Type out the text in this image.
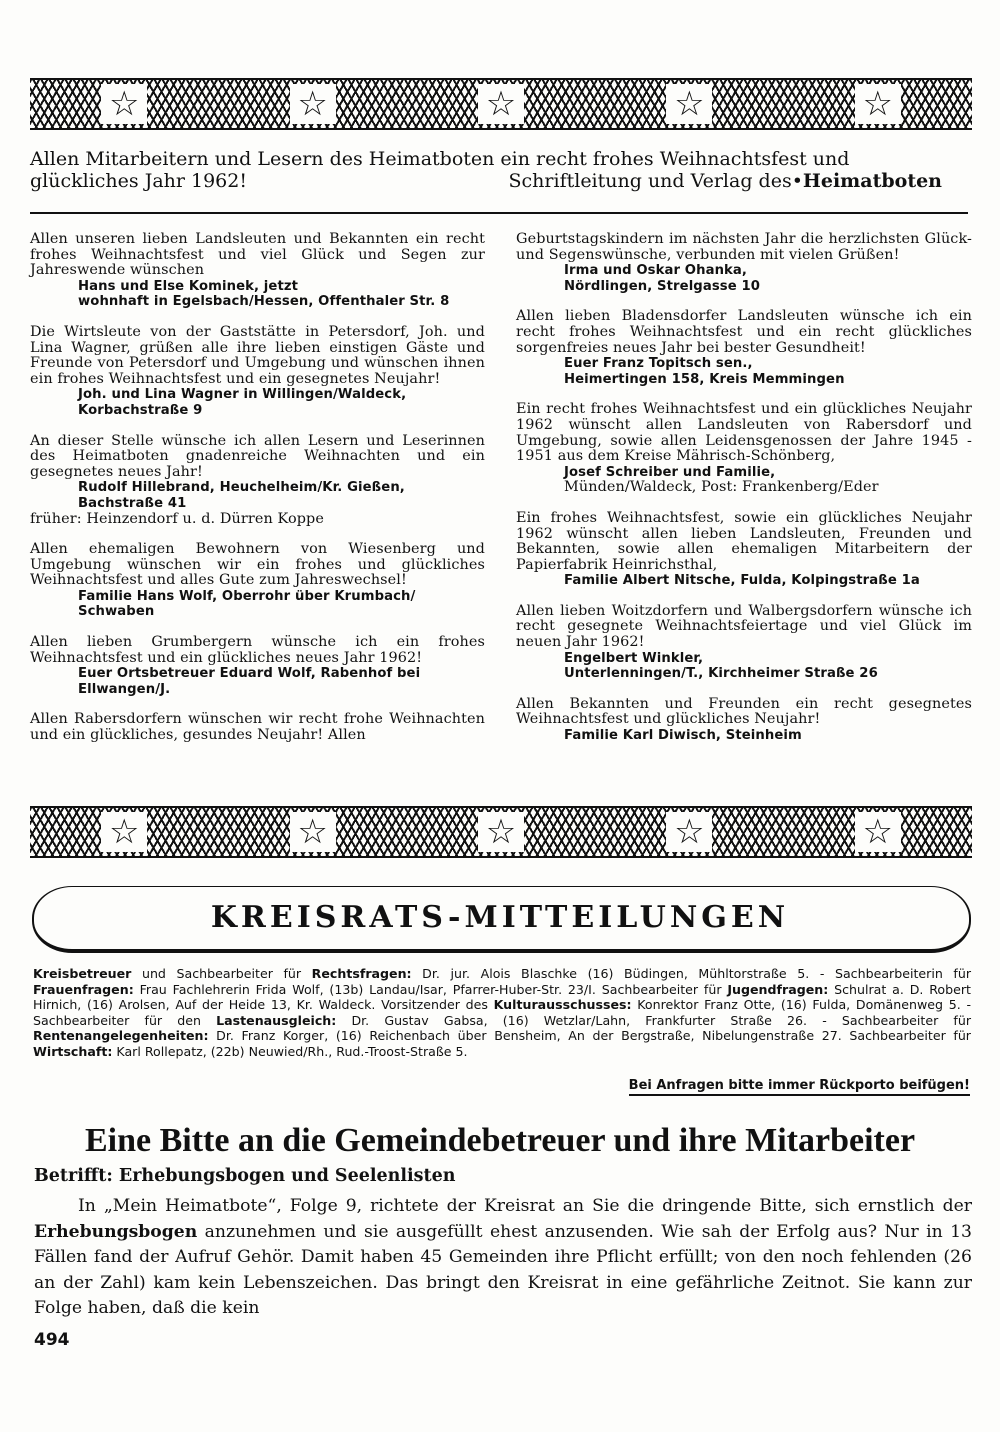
☆	☆	☆	☆	☆
Allen Mitarbeitern und Lesern des Heimatboten ein recht frohes Weihnachtsfest und
glückliches Jahr 1962!	Schriftleitung und Verlag des•Heimatboten

Allen unseren lieben Landsleuten und Bekannten ein recht frohes Weihnachtsfest und viel Glück und Segen zur Jahreswende wünschen
Hans und Else Kominek, jetzt
wohnhaft in Egelsbach/Hessen, Offenthaler Str. 8

Die Wirtsleute von der Gaststätte in Petersdorf, Joh. und Lina Wagner, grüßen alle ihre lieben einstigen Gäste und Freunde von Petersdorf und Umgebung und wünschen ihnen ein frohes Weihnachtsfest und ein gesegnetes Neujahr!
Joh. und Lina Wagner in Willingen/Waldeck,
Korbachstraße 9

An dieser Stelle wünsche ich allen Lesern und Leserinnen des Heimatboten gnadenreiche Weihnachten und ein gesegnetes neues Jahr!
Rudolf Hillebrand, Heuchelheim/Kr. Gießen,
Bachstraße 41
früher: Heinzendorf u. d. Dürren Koppe

Allen ehemaligen Bewohnern von Wiesenberg und Umgebung wünschen wir ein frohes und glückliches Weihnachtsfest und alles Gute zum Jahreswechsel!
Familie Hans Wolf, Oberrohr über Krumbach/
Schwaben

Allen lieben Grumbergern wünsche ich ein frohes Weihnachtsfest und ein glückliches neues Jahr 1962!
Euer Ortsbetreuer Eduard Wolf, Rabenhof bei
Ellwangen/J.

Allen Rabersdorfern wünschen wir recht frohe Weihnachten und ein glückliches, gesundes Neujahr! Allen

Geburtstagskindern im nächsten Jahr die herzlichsten Glück- und Segenswünsche, verbunden mit vielen Grüßen!
Irma und Oskar Ohanka,
Nördlingen, Strelgasse 10

Allen lieben Bladensdorfer Landsleuten wünsche ich ein recht frohes Weihnachtsfest und ein recht glückliches sorgenfreies neues Jahr bei bester Gesundheit!
Euer Franz Topitsch sen.,
Heimertingen 158, Kreis Memmingen

Ein recht frohes Weihnachtsfest und ein glückliches Neujahr 1962 wünscht allen Landsleuten von Rabersdorf und Umgebung, sowie allen Leidensgenossen der Jahre 1945 - 1951 aus dem Kreise Mährisch-Schönberg,
Josef Schreiber und Familie,
Münden/Waldeck, Post: Frankenberg/Eder

Ein frohes Weihnachtsfest, sowie ein glückliches Neujahr 1962 wünscht allen lieben Landsleuten, Freunden und Bekannten, sowie allen ehemaligen Mitarbeitern der Papierfabrik Heinrichsthal,
Familie Albert Nitsche, Fulda, Kolpingstraße 1a

Allen lieben Woitzdorfern und Walbergsdorfern wünsche ich recht gesegnete Weihnachtsfeiertage und viel Glück im neuen Jahr 1962!
Engelbert Winkler,
Unterlenningen/T., Kirchheimer Straße 26

Allen Bekannten und Freunden ein recht gesegnetes Weihnachtsfest und glückliches Neujahr!
Familie Karl Diwisch, Steinheim

☆	☆	☆	☆	☆
KREISRATS-MITTEILUNGEN
Kreisbetreuer und Sachbearbeiter für Rechtsfragen: Dr. jur. Alois Blaschke (16) Büdingen, Mühltorstraße 5. - Sachbearbeiterin für Frauenfragen: Frau Fachlehrerin Frida Wolf, (13b) Landau/Isar, Pfarrer-Huber-Str. 23/I. Sachbearbeiter für Jugendfragen: Schulrat a. D. Robert Hirnich, (16) Arolsen, Auf der Heide 13, Kr. Waldeck. Vorsitzender des Kulturausschusses: Konrektor Franz Otte, (16) Fulda, Domänenweg 5. - Sachbearbeiter für den Lastenausgleich: Dr. Gustav Gabsa, (16) Wetzlar/Lahn, Frankfurter Straße 26. - Sachbearbeiter für Rentenangelegenheiten: Dr. Franz Korger, (16) Reichenbach über Bensheim, An der Bergstraße, Nibelungenstraße 27. Sachbearbeiter für Wirtschaft: Karl Rollepatz, (22b) Neuwied/Rh., Rud.-Troost-Straße 5.
Bei Anfragen bitte immer Rückporto beifügen!
Eine Bitte an die Gemeindebetreuer und ihre Mitarbeiter
Betrifft: Erhebungsbogen und Seelenlisten
In „Mein Heimatbote“, Folge 9, richtete der Kreisrat an Sie die dringende Bitte, sich ernstlich der Erhebungsbogen anzunehmen und sie ausgefüllt ehest anzusenden. Wie sah der Erfolg aus? Nur in 13 Fällen fand der Aufruf Gehör. Damit haben 45 Gemeinden ihre Pflicht erfüllt; von den noch fehlenden (26 an der Zahl) kam kein Lebenszeichen. Das bringt den Kreisrat in eine gefährliche Zeitnot. Sie kann zur Folge haben, daß die kein
494
